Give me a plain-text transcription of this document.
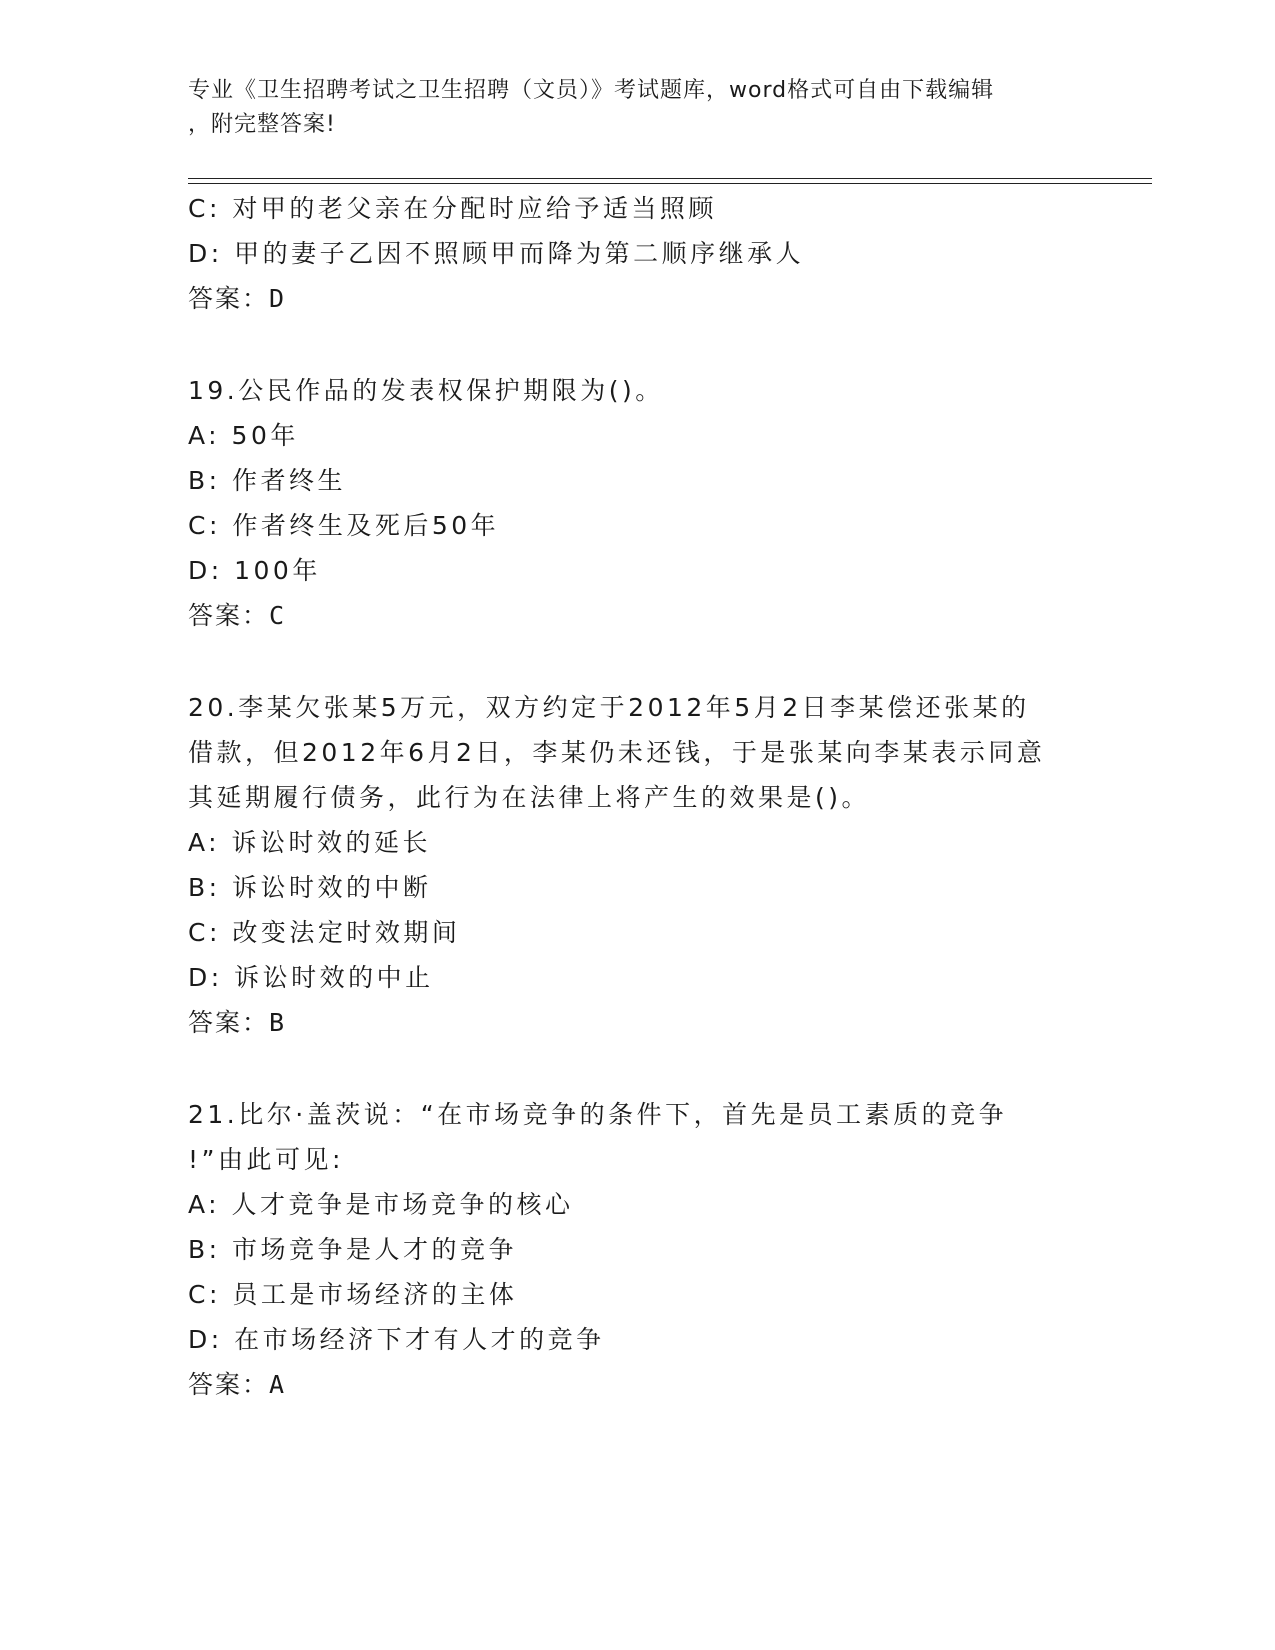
专业《卫生招聘考试之卫生招聘（文员）》考试题库，word格式可自由下载编辑
，附完整答案!
C: 对甲的老父亲在分配时应给予适当照顾
D: 甲的妻子乙因不照顾甲而降为第二顺序继承人
答案：D
19.公民作品的发表权保护期限为()。
A: 50年
B: 作者终生
C: 作者终生及死后50年
D: 100年
答案：C
20.李某欠张某5万元，双方约定于2012年5月2日李某偿还张某的
借款，但2012年6月2日，李某仍未还钱，于是张某向李某表示同意
其延期履行债务，此行为在法律上将产生的效果是()。
A: 诉讼时效的延长
B: 诉讼时效的中断
C: 改变法定时效期间
D: 诉讼时效的中止
答案：B
21.比尔·盖茨说：“在市场竞争的条件下，首先是员工素质的竞争
!”由此可见:
A: 人才竞争是市场竞争的核心
B: 市场竞争是人才的竞争
C: 员工是市场经济的主体
D: 在市场经济下才有人才的竞争
答案：A
